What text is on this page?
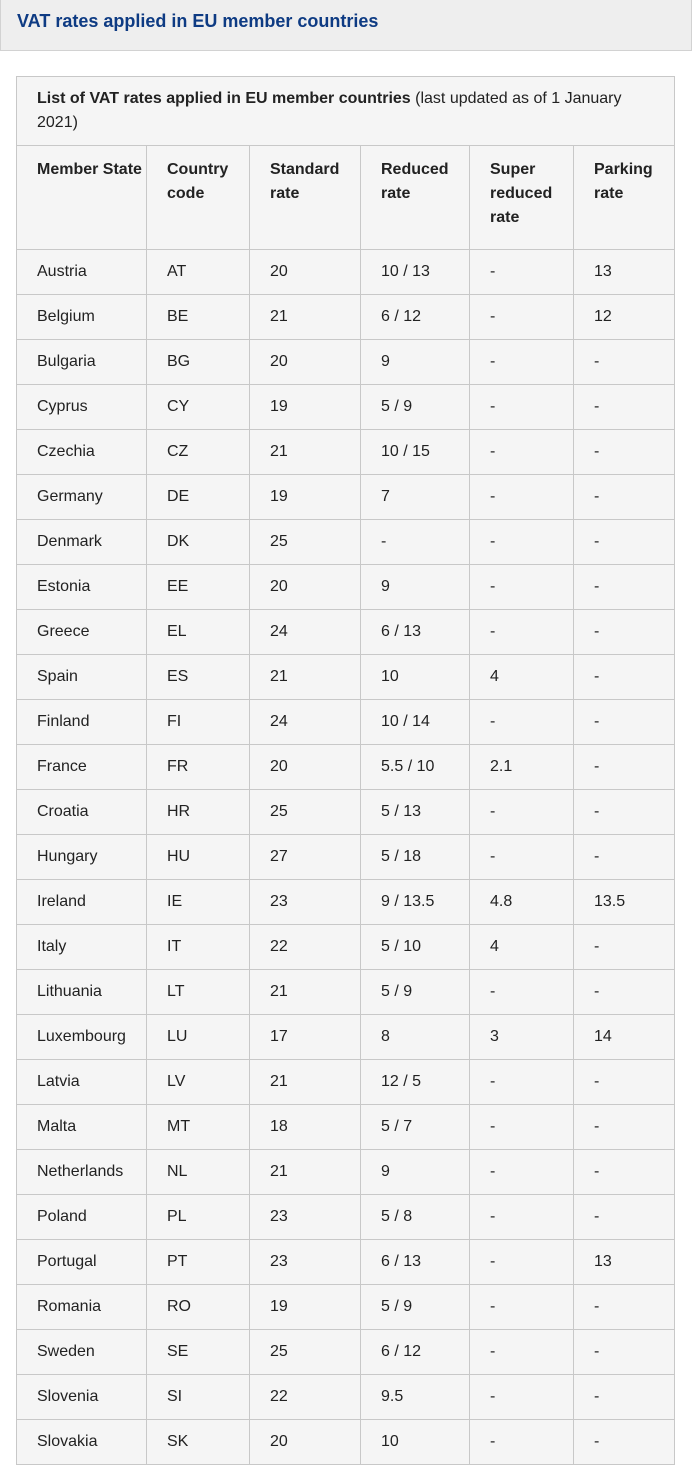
VAT rates applied in EU member countries
List of VAT rates applied in EU member countries (last updated as of 1 January 2021)					
Member State	Country code	Standard rate	Reduced rate	Super reduced rate	Parking rate
Austria	AT	20	10 / 13	-	13
Belgium	BE	21	6 / 12	-	12
Bulgaria	BG	20	9	-	-
Cyprus	CY	19	5 / 9	-	-
Czechia	CZ	21	10 / 15	-	-
Germany	DE	19	7	-	-
Denmark	DK	25	-	-	-
Estonia	EE	20	9	-	-
Greece	EL	24	6 / 13	-	-
Spain	ES	21	10	4	-
Finland	FI	24	10 / 14	-	-
France	FR	20	5.5 / 10	2.1	-
Croatia	HR	25	5 / 13	-	-
Hungary	HU	27	5 / 18	-	-
Ireland	IE	23	9 / 13.5	4.8	13.5
Italy	IT	22	5 / 10	4	-
Lithuania	LT	21	5 / 9	-	-
Luxembourg	LU	17	8	3	14
Latvia	LV	21	12 / 5	-	-
Malta	MT	18	5 / 7	-	-
Netherlands	NL	21	9	-	-
Poland	PL	23	5 / 8	-	-
Portugal	PT	23	6 / 13	-	13
Romania	RO	19	5 / 9	-	-
Sweden	SE	25	6 / 12	-	-
Slovenia	SI	22	9.5	-	-
Slovakia	SK	20	10	-	-
